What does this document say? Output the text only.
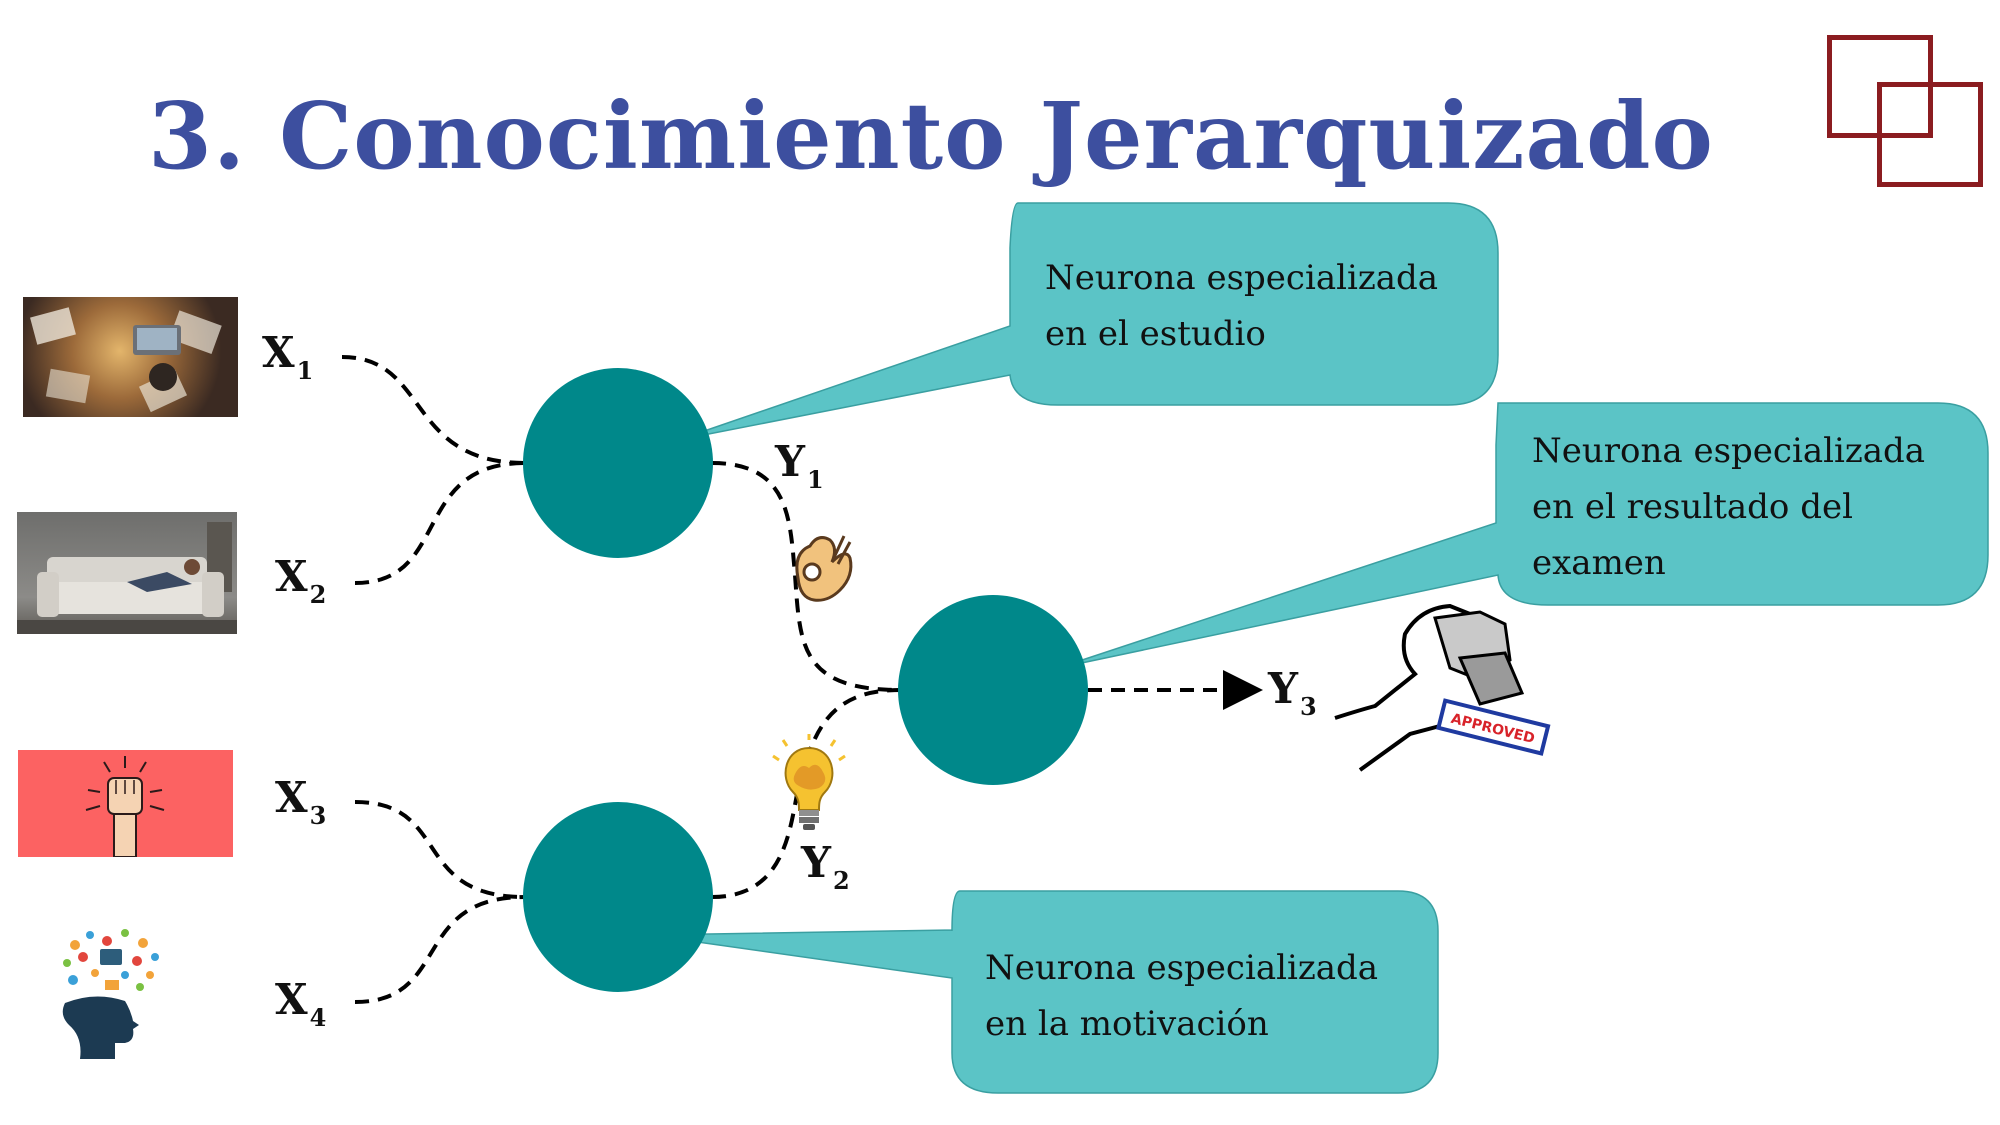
3. Conocimiento Jerarquizado
APPROVED
$X_1$
$X_2$
$X_3$
$X_4$
$Y_1$
$Y_2$
$Y_3$
Neurona especializada
en el estudio
Neurona especializada
en el resultado del
examen
Neurona especializada
en la motivación
